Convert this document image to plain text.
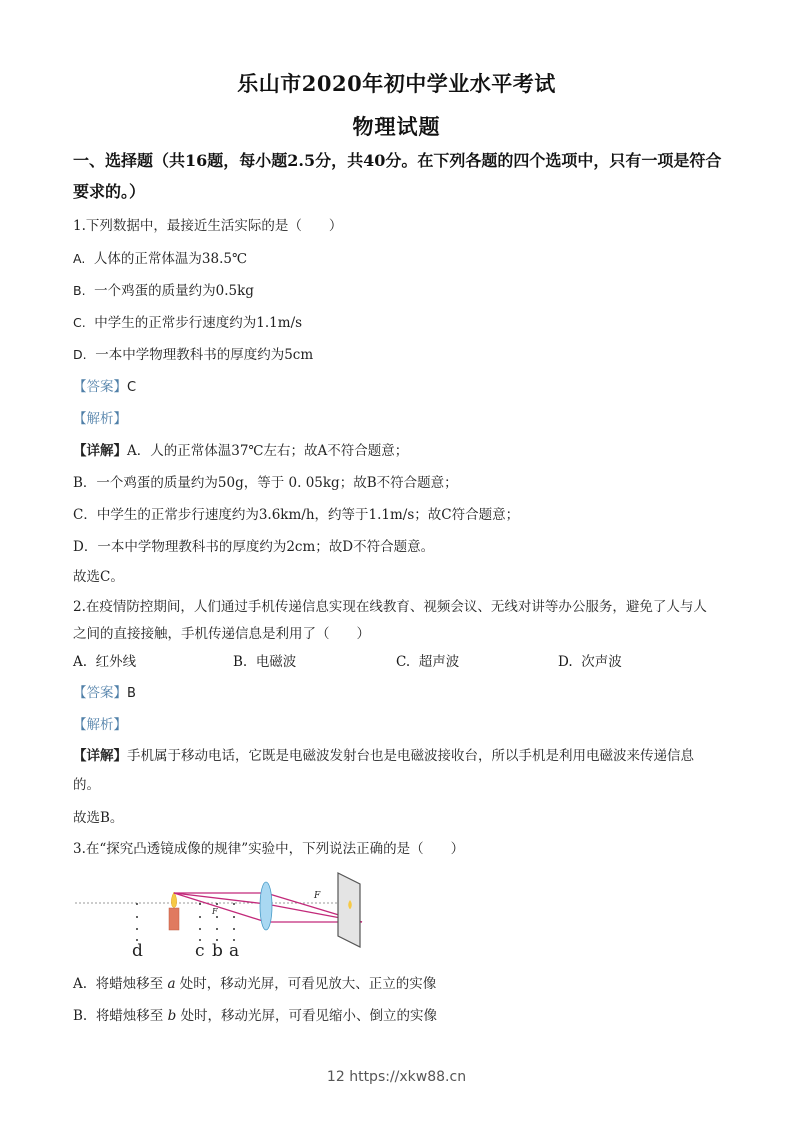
乐山市2020年初中学业水平考试
物理试题
一、选择题（共16题，每小题2.5分，共40分。在下列各题的四个选项中，只有一项是符合要求的。）
1.下列数据中，最接近生活实际的是（　　）
A. 人体的正常体温为38.5℃
B. 一个鸡蛋的质量约为0.5kg
C. 中学生的正常步行速度约为1.1m/s
D. 一本中学物理教科书的厚度约为5cm
【答案】C
【解析】
【详解】A．人的正常体温37℃左右；故A不符合题意；
B．一个鸡蛋的质量约为50g，等于 0. 05kg；故B不符合题意；
C．中学生的正常步行速度约为3.6km/h，约等于1.1m/s；故C符合题意；
D．一本中学物理教科书的厚度约为2cm；故D不符合题意。
故选C。
2.在疫情防控期间，人们通过手机传递信息实现在线教育、视频会议、无线对讲等办公服务，避免了人与人
之间的直接接触，手机传递信息是利用了（　　）
A. 红外线	B. 电磁波	C. 超声波	D. 次声波
【答案】B
【解析】
【详解】手机属于移动电话，它既是电磁波发射台也是电磁波接收台，所以手机是利用电磁波来传递信息
的。
故选B。
3.在“探究凸透镜成像的规律”实验中，下列说法正确的是（　　）
F
F
d	c b a
A. 将蜡烛移至 a 处时，移动光屏，可看见放大、正立的实像
B. 将蜡烛移至 b 处时，移动光屏，可看见缩小、倒立的实像
12 https://xkw88.cn
